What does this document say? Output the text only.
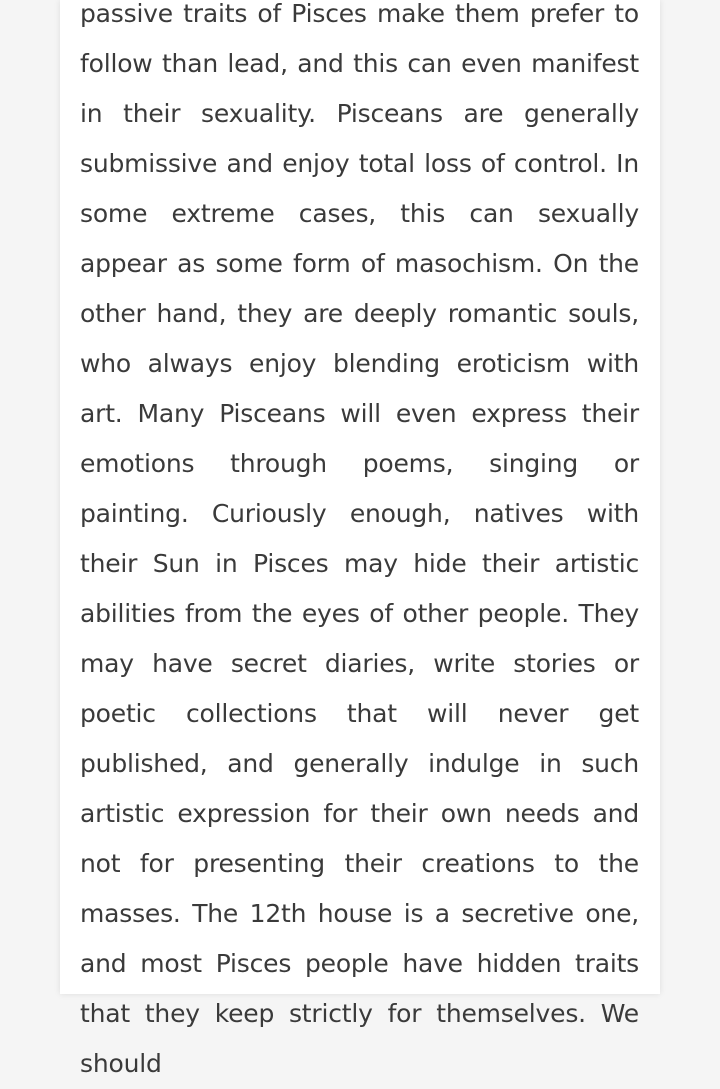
passive traits of Pisces make them prefer to follow than lead, and this can even manifest in their sexuality. Pisceans are generally submissive and enjoy total loss of control. In some extreme cases, this can sexually appear as some form of masochism. On the other hand, they are deeply romantic souls, who always enjoy blending eroticism with art. Many Pisceans will even express their emotions through poems, singing or painting. Curiously enough, natives with their Sun in Pisces may hide their artistic abilities from the eyes of other people. They may have secret diaries, write stories or poetic collections that will never get published, and generally indulge in such artistic expression for their own needs and not for presenting their creations to the masses. The 12th house is a secretive one, and most Pisces people have hidden traits that they keep strictly for themselves. We should
